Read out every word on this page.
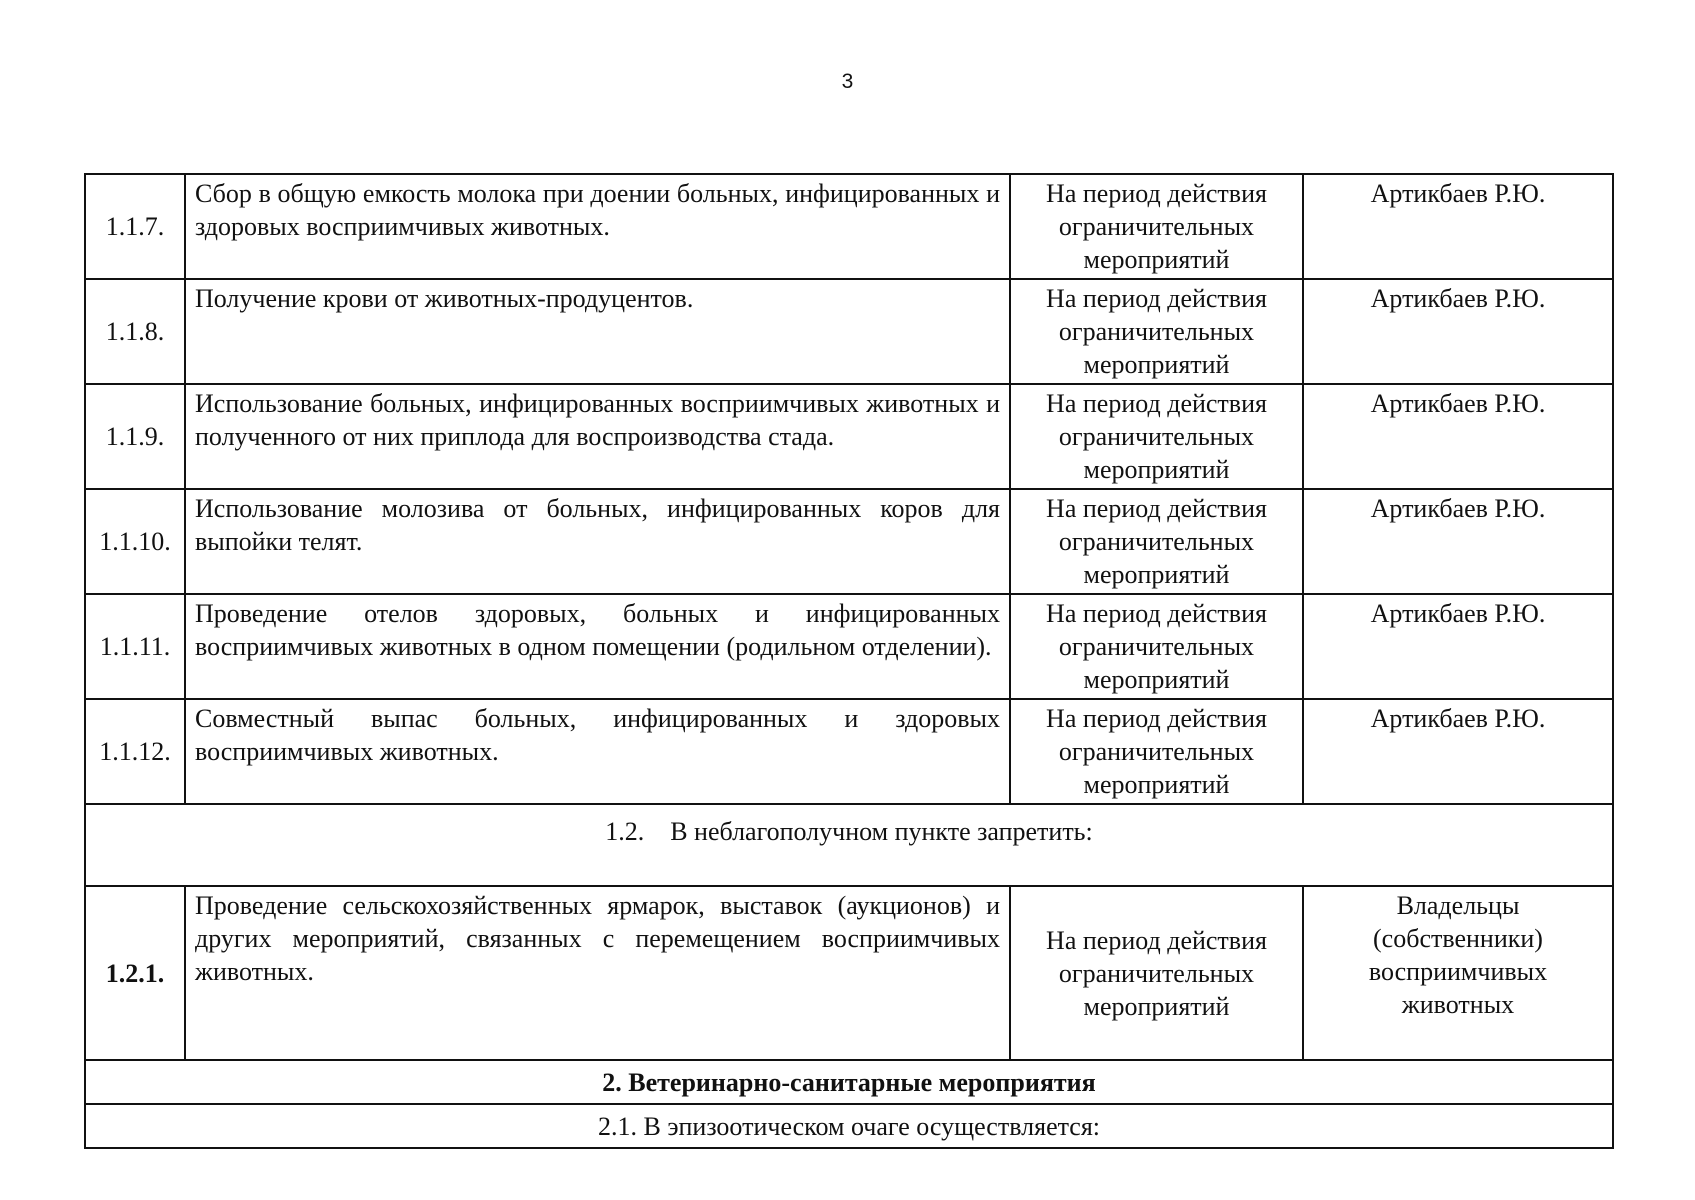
3
1.1.7.	Сбор в общую емкость молока при доении больных, инфицированных и здоровых восприимчивых животных.	На период действия ограничительных мероприятий	Артикбаев Р.Ю.
1.1.8.	Получение крови от животных-продуцентов.	На период действия ограничительных мероприятий	Артикбаев Р.Ю.
1.1.9.	Использование больных, инфицированных восприимчивых животных и полученного от них приплода для воспроизводства стада.	На период действия ограничительных мероприятий	Артикбаев Р.Ю.
1.1.10.	Использование молозива от больных, инфицированных коров для выпойки телят.	На период действия ограничительных мероприятий	Артикбаев Р.Ю.
1.1.11.	Проведение отелов здоровых, больных и инфицированных восприимчивых животных в одном помещении (родильном отделении).	На период действия ограничительных мероприятий	Артикбаев Р.Ю.
1.1.12.	Совместный выпас больных, инфицированных и здоровых восприимчивых животных.	На период действия ограничительных мероприятий	Артикбаев Р.Ю.
1.2. В неблагополучном пункте запретить:			
1.2.1.	Проведение сельскохозяйственных ярмарок, выставок (аукционов) и других мероприятий, связанных с перемещением восприимчивых животных.	На период действия ограничительных мероприятий	Владельцы (собственники) восприимчивых животных
2. Ветеринарно-санитарные мероприятия			
2.1. В эпизоотическом очаге осуществляется:			
